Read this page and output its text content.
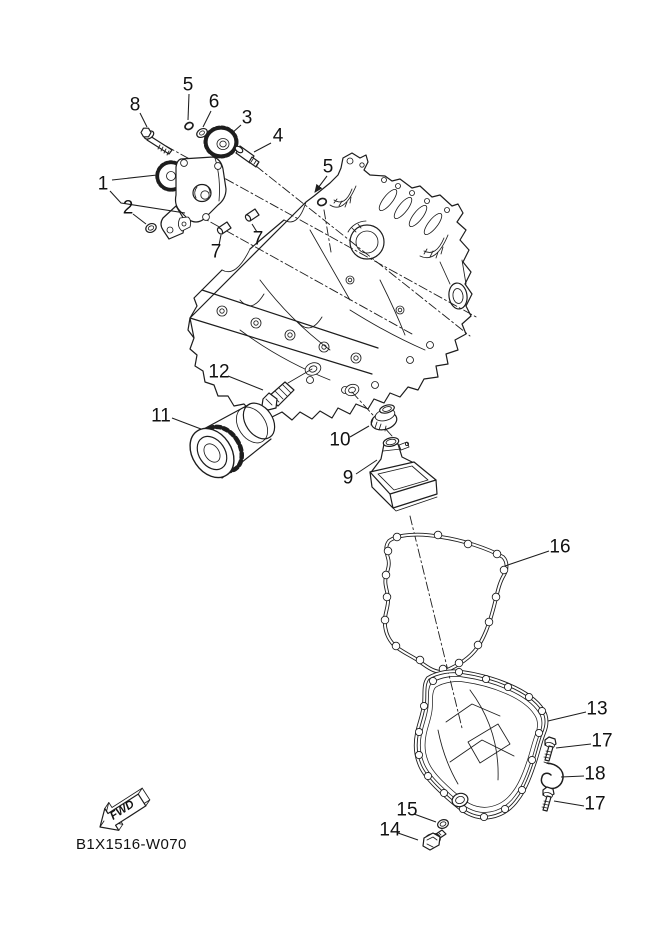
FWD
B1X1516-W070
8
5
6
3
4
1
2
7
7
5
12
11
10
9
16
13
17
18
17
15
14
